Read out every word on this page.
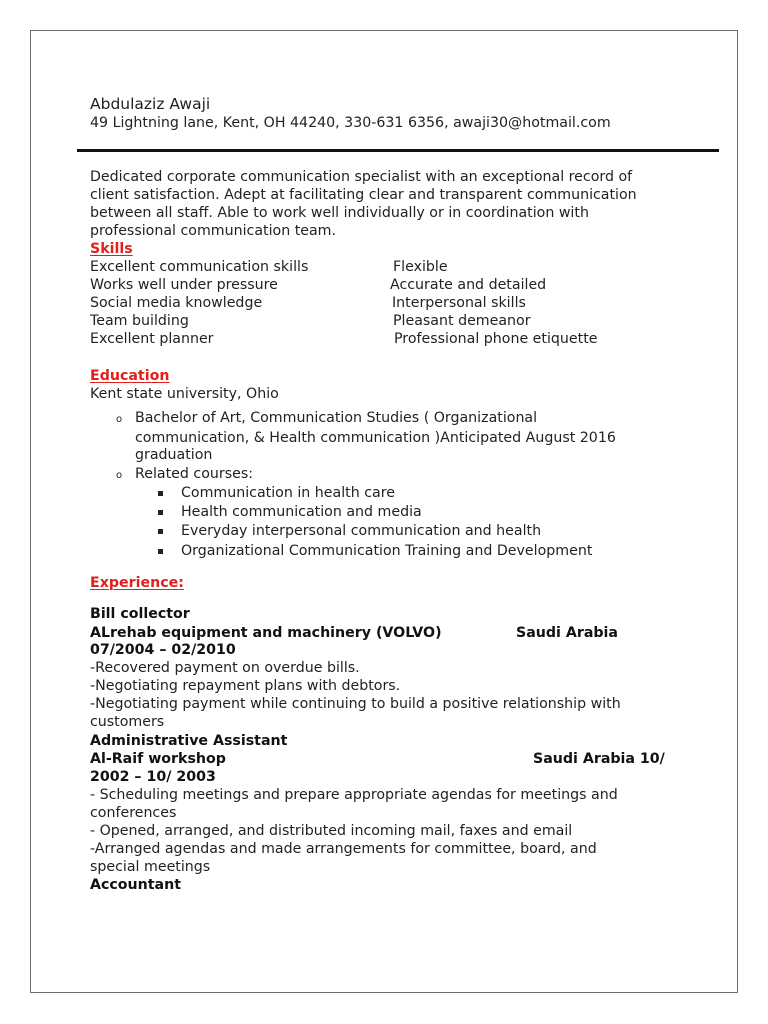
Abdulaziz Awaji
49 Lightning lane, Kent, OH 44240, 330-631 6356, awaji30@hotmail.com
Dedicated corporate communication specialist with an exceptional record of
client satisfaction. Adept at facilitating clear and transparent communication
between all staff. Able to work well individually or in coordination with
professional communication team.
Skills
Excellent communication skills
Works well under pressure
Social media knowledge
Team building
Excellent planner
Flexible
Accurate and detailed
Interpersonal skills
Pleasant demeanor
Professional phone etiquette
Education
Kent state university, Ohio
o Bachelor of Art, Communication Studies ( Organizational
communication, & Health communication )Anticipated August 2016
graduation
o Related courses:
Communication in health care
Health communication and media
Everyday interpersonal communication and health
Organizational Communication Training and Development
Experience:
Bill collector
ALrehab equipment and machinery (VOLVO)	Saudi Arabia
07/2004 – 02/2010
-Recovered payment on overdue bills.
-Negotiating repayment plans with debtors.
-Negotiating payment while continuing to build a positive relationship with
customers
Administrative Assistant
Al-Raif workshop	Saudi Arabia 10/
2002 – 10/ 2003
- Scheduling meetings and prepare appropriate agendas for meetings and
conferences
- Opened, arranged, and distributed incoming mail, faxes and email
-Arranged agendas and made arrangements for committee, board, and
special meetings
Accountant
